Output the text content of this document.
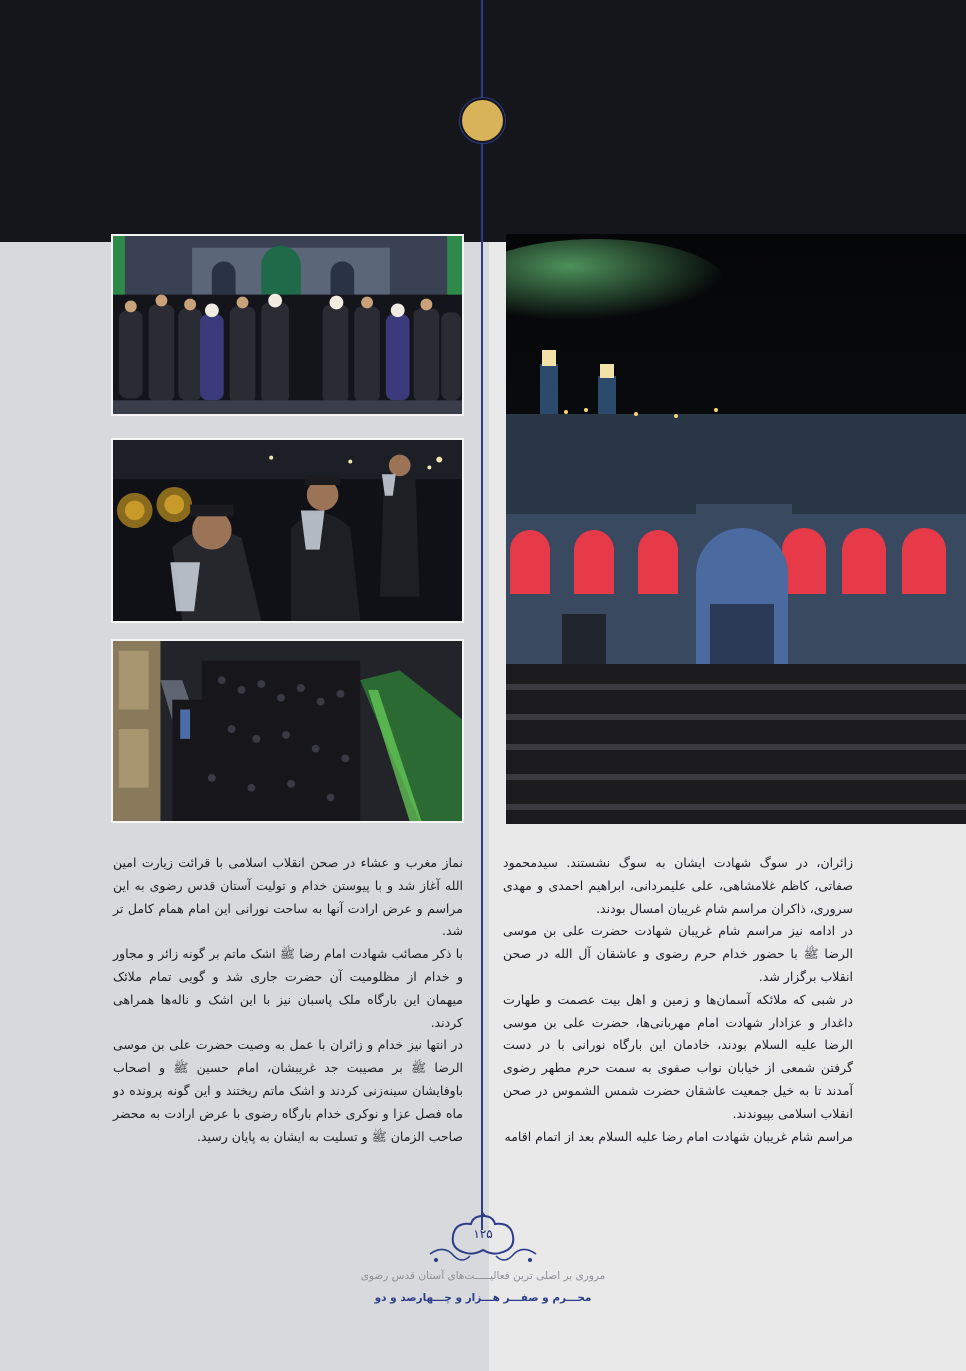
زائران، در سوگ شهادت ایشان به سوگ نشستند. سیدمحمود صفاتی، کاظم غلامشاهی، علی علیمردانی، ابراهیم احمدی و مهدی سروری، ذاکران مراسم شام غریبان امسال بودند.

در ادامه نیز مراسم شام غریبان شهادت حضرت علی بن موسی الرضا ﷺ با حضور خدام حرم رضوی و عاشقان آل الله در صحن انقلاب برگزار شد.

در شبی که ملائکه آسمان‌ها و زمین و اهل بیت عصمت و طهارت داغدار و عزادار شهادت امام مهربانی‌ها، حضرت علی بن موسی الرضا علیه السلام بودند، خادمان این بارگاه نورانی با در دست گرفتن شمعی از خیابان نواب صفوی به سمت حرم مطهر رضوی آمدند تا به خیل جمعیت عاشقان حضرت شمس الشموس در صحن انقلاب اسلامی بپیوندند.

مراسم شام غریبان شهادت امام رضا علیه السلام بعد از اتمام اقامه

نماز مغرب و عشاء در صحن انقلاب اسلامی با قرائت زیارت امین الله آغاز شد و با پیوستن خدام و تولیت آستان قدس رضوی به این مراسم و عرض ارادت آنها به ساحت نورانی این امام همام کامل تر شد.

با ذکر مصائب شهادت امام رضا ﷺ اشک ماتم بر گونه زائر و مجاور و خدام از مظلومیت آن حضرت جاری شد و گویی تمام ملائک میهمان این بارگاه ملک پاسبان نیز با این اشک و ناله‌ها همراهی کردند.

در انتها نیز خدام و زائران با عمل به وصیت حضرت علی بن موسی الرضا ﷺ بر مصیبت جد غریبشان، امام حسین ﷺ و اصحاب باوفایشان سینه‌زنی کردند و اشک ماتم ریختند و این گونه پرونده دو ماه فصل عزا و نوکری خدام بارگاه رضوی با عرض ارادت به محضر صاحب الزمان ﷺ و تسلیت به ایشان به پایان رسید.

۱۲۵
مروری بر اصلی ترین فعالیـــــت‌های آستان قدس رضوی
محـــرم و صفـــر هـــزار و چـــهارصد و دو
